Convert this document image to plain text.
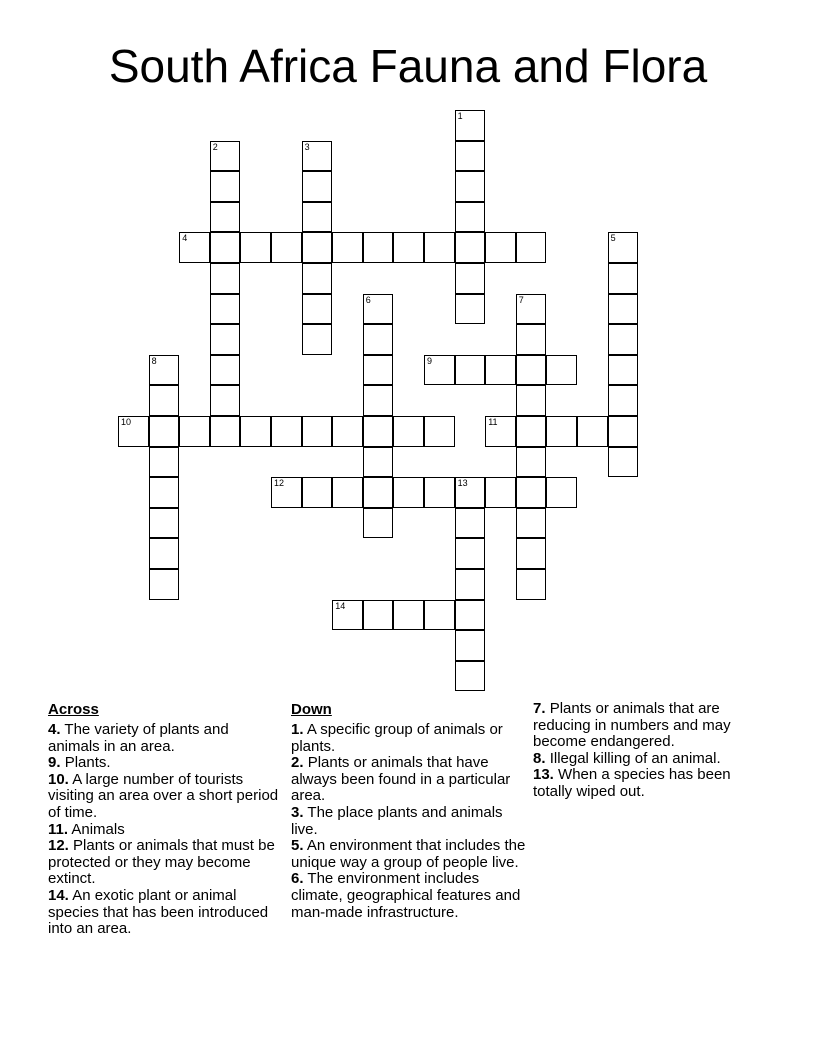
South Africa Fauna and Flora
1
2	3
4	5
6	7
8	9
10	11
12	13
14
Across
4. The variety of plants and animals in an area.
9. Plants.
10. A large number of tourists visiting an area over a short period of time.
11. Animals
12. Plants or animals that must be protected or they may become extinct.
14. An exotic plant or animal species that has been introduced into an area.
Down
1. A specific group of animals or plants.
2. Plants or animals that have always been found in a particular area.
3. The place plants and animals live.
5. An environment that includes the unique way a group of people live.
6. The environment includes climate, geographical features and man-made infrastructure.
7. Plants or animals that are reducing in numbers and may become endangered.
8. Illegal killing of an animal.
13. When a species has been totally wiped out.
